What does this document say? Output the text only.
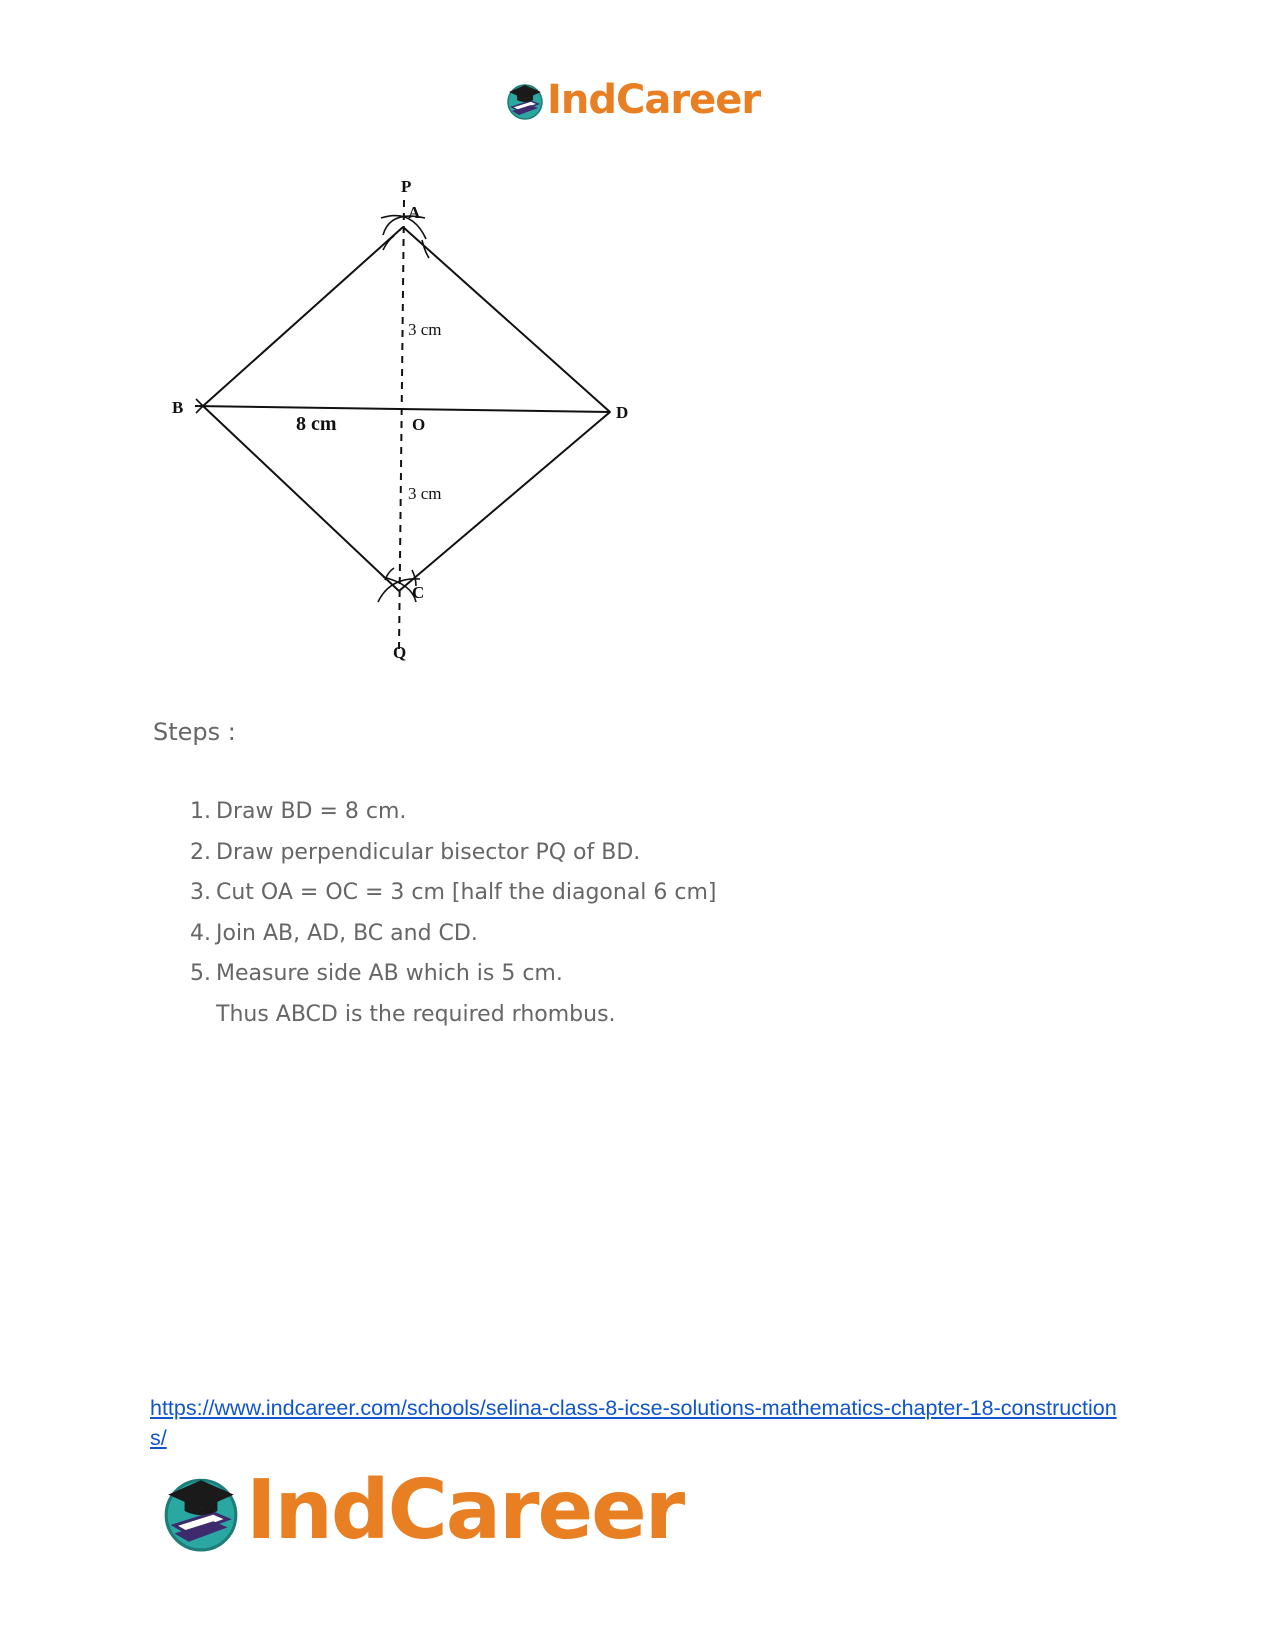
IndCareer
P
A
B	D
O
C
Q
8 cm
3 cm
3 cm
Steps :
1. Draw BD = 8 cm.
2. Draw perpendicular bisector PQ of BD.
3. Cut OA = OC = 3 cm [half the diagonal 6 cm]
4. Join AB, AD, BC and CD.
5. Measure side AB which is 5 cm.
Thus ABCD is the required rhombus.
https://www.indcareer.com/schools/selina-class-8-icse-solutions-mathematics-chapter-18-constructions/
IndCareer
